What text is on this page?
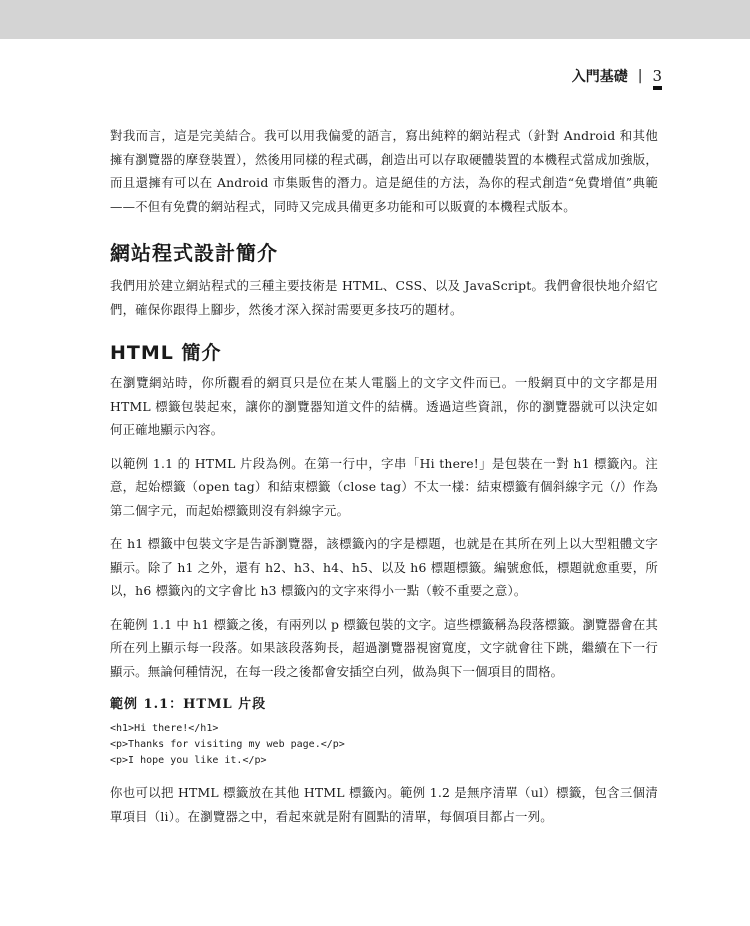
入門基礎 | 3

對我而言，這是完美結合。我可以用我偏愛的語言，寫出純粹的網站程式（針對 Android 和其他擁有瀏覽器的摩登裝置），然後用同樣的程式碼，創造出可以存取硬體裝置的本機程式當成加強版，而且還擁有可以在 Android 市集販售的潛力。這是絕佳的方法，為你的程式創造“免費增值”典範——不但有免費的網站程式，同時又完成具備更多功能和可以販賣的本機程式版本。

網站程式設計簡介

我們用於建立網站程式的三種主要技術是 HTML、CSS、以及 JavaScript。我們會很快地介紹它們，確保你跟得上腳步，然後才深入探討需要更多技巧的題材。

HTML 簡介

在瀏覽網站時，你所觀看的網頁只是位在某人電腦上的文字文件而已。一般網頁中的文字都是用 HTML 標籤包裝起來，讓你的瀏覽器知道文件的結構。透過這些資訊，你的瀏覽器就可以決定如何正確地顯示內容。

以範例 1.1 的 HTML 片段為例。在第一行中，字串「Hi there!」是包裝在一對 h1 標籤內。注意，起始標籤（open tag）和結束標籤（close tag）不太一樣：結束標籤有個斜線字元（/）作為第二個字元，而起始標籤則沒有斜線字元。

在 h1 標籤中包裝文字是告訴瀏覽器，該標籤內的字是標題，也就是在其所在列上以大型粗體文字顯示。除了 h1 之外，還有 h2、h3、h4、h5、以及 h6 標題標籤。編號愈低，標題就愈重要，所以，h6 標籤內的文字會比 h3 標籤內的文字來得小一點（較不重要之意）。

在範例 1.1 中 h1 標籤之後，有兩列以 p 標籤包裝的文字。這些標籤稱為段落標籤。瀏覽器會在其所在列上顯示每一段落。如果該段落夠長，超過瀏覽器視窗寬度，文字就會往下跳，繼續在下一行顯示。無論何種情況，在每一段之後都會安插空白列，做為與下一個項目的間格。

範例 1.1：HTML 片段
<h1>Hi there!</h1>
<p>Thanks for visiting my web page.</p>
<p>I hope you like it.</p>

你也可以把 HTML 標籤放在其他 HTML 標籤內。範例 1.2 是無序清單（ul）標籤，包含三個清單項目（li）。在瀏覽器之中，看起來就是附有圓點的清單，每個項目都占一列。
